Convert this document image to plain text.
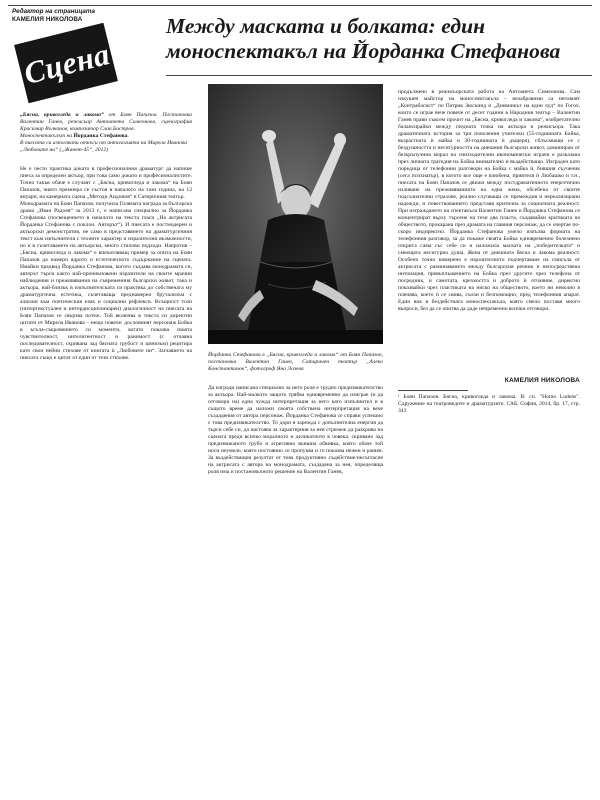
Редактор на страницата
КАМЕЛИЯ НИКОЛОВА
Сцена
Между маската и болката: един моноспектакъл на Йорданка Стефанова

„Бясна, кривогледа и лакома“ от Боян Папазов. Постановка Валентин Ганев, режисьор Антоанета Симеонова, сценография Красимир Вълканов, композитор Слав Бистров.

Моноспектакълът на Йорданка Стефанова.

В пиесата са използвани откъси от антологията на Мирела Иванова „Любовите ни“ („Жанет-45“, 2012)

Не е често практика докато в професионалния драматург да напише пиеса за определен актьор, при това само докато и професионалистите. Точно такъв обаче е случаят с „Бясна, кривогледа и лакома“ на Боян Папазов, чиято премиера се състоя в началото на тази година, на 12 януари, на камерната сцена „Методи Андонов“ в Сатиричния театър.

Монодрамата на Боян Папазов, получила Голямата награда за българска драма „Иван Радоев“ за 2013 г., е написана специално за Йорданка Стефанова (посвещението в началото на текста гласи „На актрисата Йорданка Стефанова с поклон. Авторът“). И пиесата е постмодерен и актьорски демонстратив, не само в представянето на драматургичния текст към изпълнителя с техните характер и изразителни възможности, но и в съчетаването на актьорски, много стилови подходи. Напротив – „Бясна, кривогледа и лакома“ е впечатляващ пример за опита на Боян Папазов да намери ядрото и естетическото съдържание на сцената. Имайки предвид Йорданка Стефанова, когото създава монодрамата си, авторът търси както най-проникновени изразители на своите мрачни наблюдения и преживявания на съвременния български живот, така и актьора, най-близък в изпълнителската си практика до собствената му драматургична естетика, съчетаваща преднамерен брутализъм с алюзии към поетическия език и социални рефлекси. Всъщност този (интертекстуален и интердисциплинарен) диалогичност на пиесата на Боян Папазов се свързва потеж. Той включва в текста си директни цитати от Мирела Иванова – нещо повече: дословният персонаж Бойка в ъгъла-съкровението си моменти, когато показва своята чувствителност, интелигентност и ранимост (с отчаяна последователност, скривана зад бясната грубост и цинизъм) рецитира като свои нейни стихове от книгата ѝ „Любовите ни“. Заглавието на пиесата също е цитат от един от тези стихове.	Йорданка Стефанова в „Бясна, кривогледа и лакома“ от Боян Папазов, постановка Валентин Ганев, Сатиричен театър „Алеко Константинов“, фотограф Яна Лозева

Да изгради написана специално за него роля е трудно предизвикателство за актьора. Най-малкото защото трябва едновременно да изиграе (и да отговори на) една чужда интерпретация за него като изпълнител и в същото време да наложи своята собствена интерпретация на вече създадения от автора персонаж. Йорданка Стефанова се справи успешно с това предизвикателство. То дори я зарежда с допълнителна енергия да търси себе си, да настоява за характерния за нея стремеж да разкрива на сцената преди всичко моралното и деликатното в човека, скривано зад предизвиканото грубо и агресивно външна обвивка, която обаче той носи неумело, която постоянно се пропуква и го показва нежен и раним. За въздействащия резултат от това продуктивно съдействие/несъгласие на актрисата с автора на монодрамата, създадена за нея, определяща роля има и постановъчното решение на Валентин Ганев,

продължено в режисьорската работа на Антоанета Симеонова. Сам изкушен майстор на моноспектакъла – незабравими са неговият „Контрабасист“ по Патрик Зюскинд и „Дневникът на един луд“ по Гогол, които се играе вече повече от десет години в Народния театър – Валентин Ганев прави съвсем прочит на „Бясна, кривогледа и лакома“, изобретателно балансирайки между гледната точка на актьора и режисьора. Така драматичната история за три поколения учителки (55-годишната Бойка, възрастната ѝ майка и 30-годишната ѝ дъщеря), сблъскващи се с бездушността и несигурността на днешния български живот, доминиран от безкръпулния морал на снизходителни икономически играчи е разказана през личната трагедия на Бойка внимателно и въздействащо. Изграден като поредица от телефонни разговори на Бойка с майка ѝ, бившия съученик (сега психиатър), в когото все още е влюбена, приятеля ѝ Любашко и т.н., пиесата на Боян Папазов се движи между постдраматичното енергетично изливане на преживяванията на една жена, обсебена от своите подсъзнателни страхове, реално случващи се премеждия и нереализирани надежди, и повествованието представя критична за социалната реалност. При изграждането на спектакъла Валентин Ганев и Йорданка Стефанова се концентрират върху търсене на тези два пласта, създавайки критиката на обществото, прокарана през драмата на главния персонаж, да се очертае по-скоро индиректно. Йорданка Стефанова умело изпълва формата на телефонния разговор, за да покаже своята Бойка едновременно болезнено открита сама със себе си и наложила маската на „победителката“ и смеещата несигурно душа. Жена от днешната бясна и лакома реалност. Особено точно намерено е изразителното подчертаване на смисъла от актрисата с разминаването между българския речник и непосредствена интонация, превъплъщението на Бойка през другите чрез телефона от посредник, и самотата, крехкостта и доброто ѝ отчаяние, директно показвайки чрез пластиката на ниско на обществото, което ни неволно я пленява, което ѝ се свива, сълзи и безпомощно, пред телефонния апарат. Един вик в бездейстната моноспектакъла, която смело поставя много въпроси, без да се опитва да даде непременно всички отговори.

КАМЕЛИЯ НИКОЛОВА

¹ Боян Папазов. Бясна, кривогледа и лакома. В: сп. "Homo Ludens". Сдружение на театроведите и драматурзите, САБ. София, 2014, бр. 17, стр. 343
